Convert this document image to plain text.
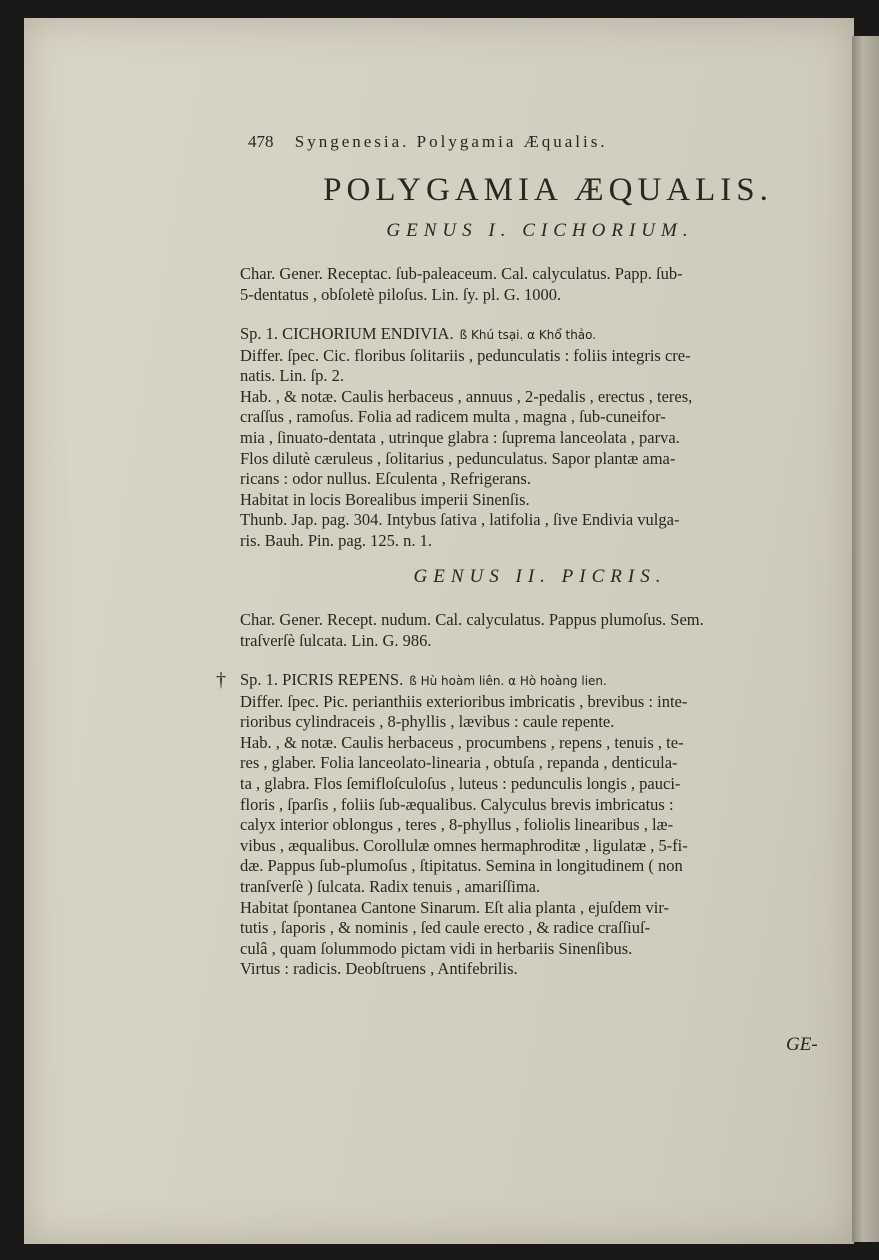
478 Syngenesia. Polygamia Æqualis.
POLYGAMIA ÆQUALIS.
GENUS I. CICHORIUM.
Char. Gener. Receptac. ſub-paleaceum. Cal. calyculatus. Papp. ſub-
5-dentatus , obſoletè piloſus. Lin. ſy. pl. G. 1000.
Sp. 1. CICHORIUM ENDIVIA. ß Khú tsại. α Khổ thảo.
Differ. ſpec. Cic. floribus ſolitariis , pedunculatis : foliis integris cre-
natis. Lin. ſp. 2.
Hab. , & notæ. Caulis herbaceus , annuus , 2-pedalis , erectus , teres,
craſſus , ramoſus. Folia ad radicem multa , magna , ſub-cuneifor-
mia , ſinuato-dentata , utrinque glabra : ſuprema lanceolata , parva.
Flos dilutè cæruleus , ſolitarius , pedunculatus. Sapor plantæ ama-
ricans : odor nullus. Eſculenta , Refrigerans.
Habitat in locis Borealibus imperii Sinenſis.
Thunb. Jap. pag. 304. Intybus ſativa , latifolia , ſive Endivia vulga-
ris. Bauh. Pin. pag. 125. n. 1.
GENUS II. PICRIS.
Char. Gener. Recept. nudum. Cal. calyculatus. Pappus plumoſus. Sem.
traſverſè ſulcata. Lin. G. 986.
† Sp. 1. PICRIS REPENS. ß Hù hoàm liên. α Hò hoàng lien.
Differ. ſpec. Pic. perianthiis exterioribus imbricatis , brevibus : inte-
rioribus cylindraceis , 8-phyllis , lævibus : caule repente.
Hab. , & notæ. Caulis herbaceus , procumbens , repens , tenuis , te-
res , glaber. Folia lanceolato-linearia , obtuſa , repanda , denticula-
ta , glabra. Flos ſemifloſculoſus , luteus : pedunculis longis , pauci-
floris , ſparſis , foliis ſub-æqualibus. Calyculus brevis imbricatus :
calyx interior oblongus , teres , 8-phyllus , foliolis linearibus , læ-
vibus , æqualibus. Corollulæ omnes hermaphroditæ , ligulatæ , 5-fi-
dæ. Pappus ſub-plumoſus , ſtipitatus. Semina in longitudinem ( non
tranſverſè ) ſulcata. Radix tenuis , amariſſima.
Habitat ſpontanea Cantone Sinarum. Eſt alia planta , ejuſdem vir-
tutis , ſaporis , & nominis , ſed caule erecto , & radice craſſiuſ-
culâ , quam ſolummodo pictam vidi in herbariis Sinenſibus.
Virtus : radicis. Deobſtruens , Antifebrilis.
GE-
